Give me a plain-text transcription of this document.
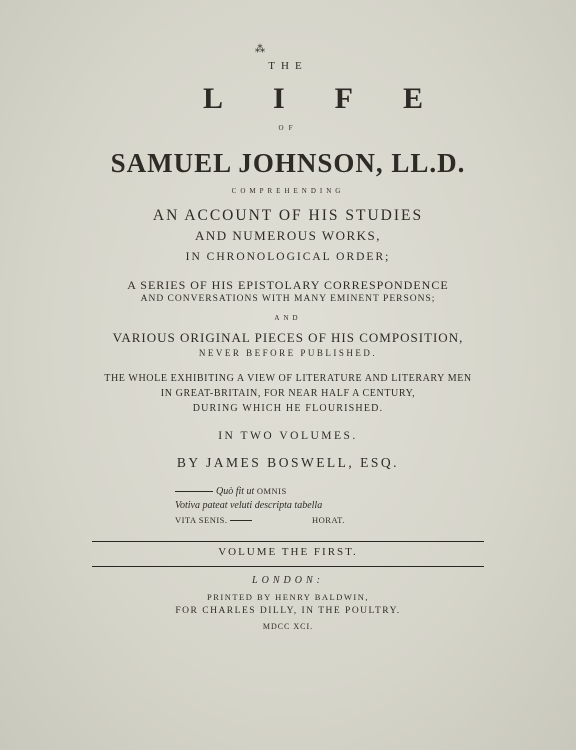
⁂
THE
LIFE
OF
SAMUEL JOHNSON, LL.D.
COMPREHENDING
AN ACCOUNT OF HIS STUDIES
AND NUMEROUS WORKS,
IN CHRONOLOGICAL ORDER;
A SERIES OF HIS EPISTOLARY CORRESPONDENCE
AND CONVERSATIONS WITH MANY EMINENT PERSONS;
AND
VARIOUS ORIGINAL PIECES OF HIS COMPOSITION,
NEVER BEFORE PUBLISHED.
THE WHOLE EXHIBITING A VIEW OF LITERATURE AND LITERARY MEN
IN GREAT-BRITAIN, FOR NEAR HALF A CENTURY,
DURING WHICH HE FLOURISHED.
IN TWO VOLUMES.
BY JAMES BOSWELL, ESQ.
Quò fit ut OMNIS
Votiva pateat veluti descripta tabella
VITA SENIS.	HORAT.
VOLUME THE FIRST.
LONDON:
PRINTED BY HENRY BALDWIN,
FOR CHARLES DILLY, IN THE POULTRY.
MDCC XCI.
